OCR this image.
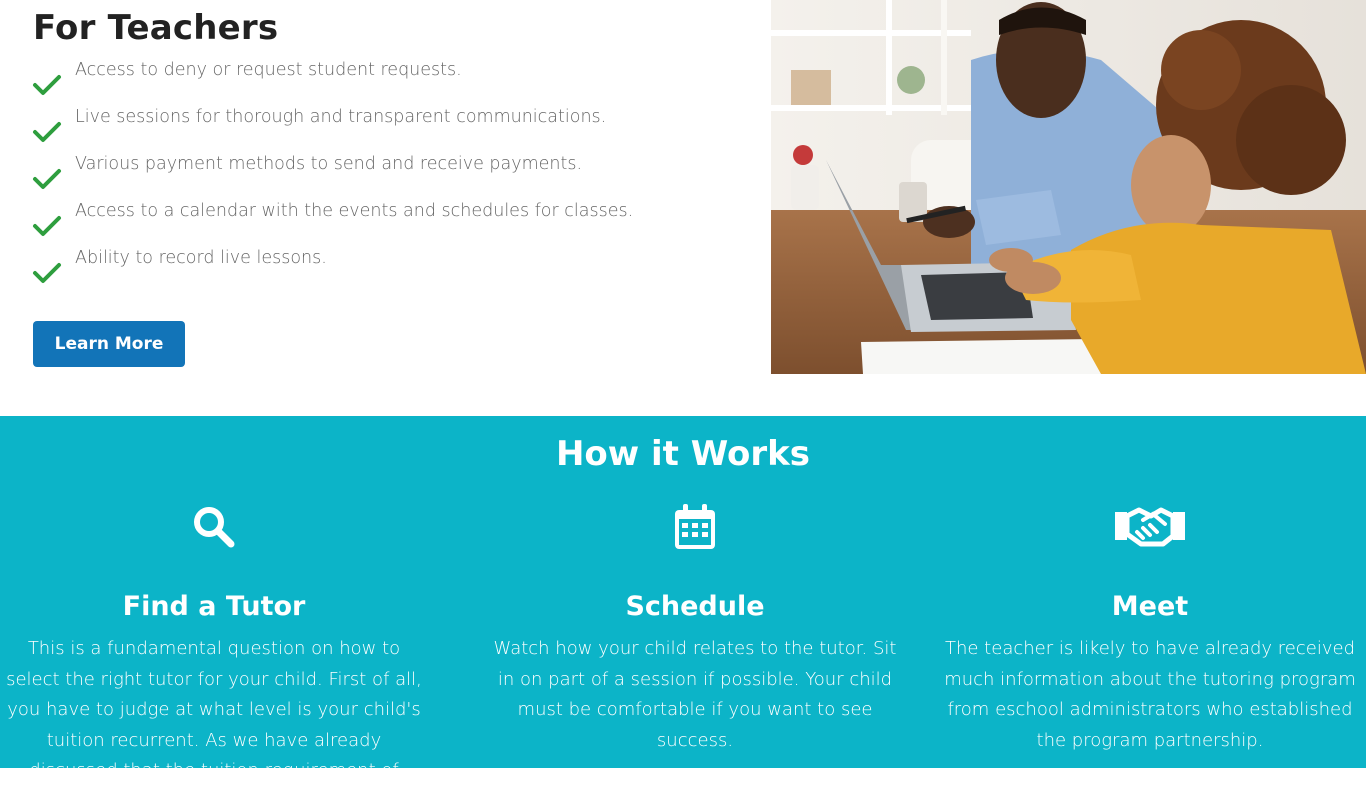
For Teachers
Access to deny or request student requests.
Live sessions for thorough and transparent communications.
Various payment methods to send and receive payments.
Access to a calendar with the events and schedules for classes.
Ability to record live lessons.
Learn More
How it Works
Find a Tutor

This is a fundamental question on how to select the right tutor for your child. First of all, you have to judge at what level is your child's tuition recurrent. As we have already discussed that the tuition requirement of

Schedule

Watch how your child relates to the tutor. Sit in on part of a session if possible. Your child must be comfortable if you want to see success.

Meet

The teacher is likely to have already received much information about the tutoring program from eschool administrators who established the program partnership.
